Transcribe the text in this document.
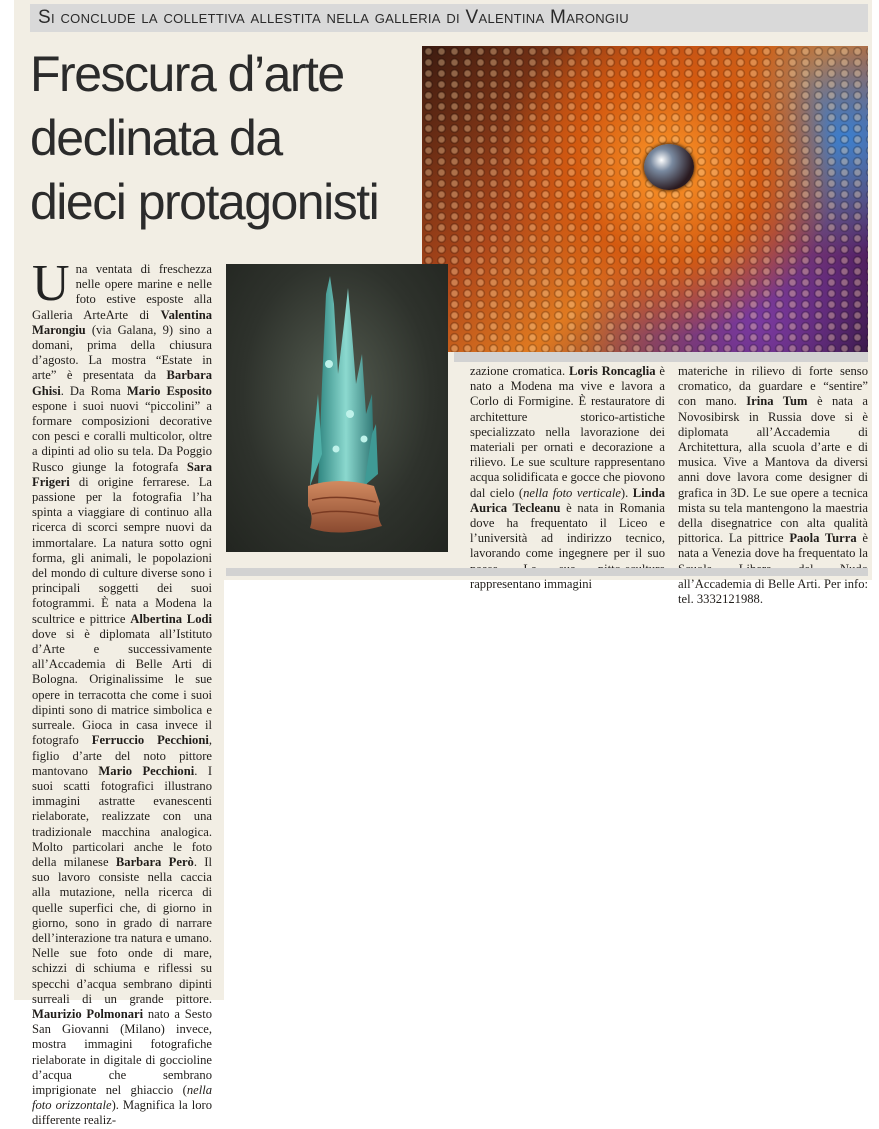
Si conclude la collettiva allestita nella galleria di Valentina Marongiu
Frescura d’arte
declinata da
dieci protagonisti

Una ventata di freschezza nelle opere marine e nelle foto estive esposte alla Galleria ArteArte di Valentina Marongiu (via Galana, 9) sino a domani, prima della chiusura d’agosto. La mostra “Estate in arte” è presentata da Barbara Ghisi. Da Roma Mario Esposito espone i suoi nuovi “piccolini” a formare composizioni decorative con pesci e coralli multicolor, oltre a dipinti ad olio su tela. Da Poggio Rusco giunge la fotografa Sara Frigeri di origine ferrarese. La passione per la fotografia l’ha spinta a viaggiare di continuo alla ricerca di scorci sempre nuovi da immortalare. La natura sotto ogni forma, gli animali, le popolazioni del mondo di culture diverse sono i principali soggetti dei suoi fotogrammi. È nata a Modena la scultrice e pittrice Albertina Lodi dove si è diplomata all’Istituto d’Arte e successivamente all’Accademia di Belle Arti di Bologna. Originalissime le sue opere in terracotta che come i suoi dipinti sono di matrice simbolica e surreale. Gioca in casa invece il fotografo Ferruccio Pecchioni, figlio d’arte del noto pittore mantovano Mario Pecchioni. I suoi scatti fotografici illustrano immagini astratte evanescenti rielaborate, realizzate con una tradizionale macchina analogica. Molto particolari anche le foto della milanese Barbara Però. Il suo lavoro consiste nella caccia alla mutazione, nella ricerca di quelle superfici che, di giorno in giorno, sono in grado di narrare dell’interazione tra natura e umano. Nelle sue foto onde di mare, schizzi di schiuma e riflessi su specchi d’acqua sembrano dipinti surreali di un grande pittore. Maurizio Polmonari nato a Sesto San Giovanni (Milano) invece, mostra immagini fotografiche rielaborate in digitale di goccioline d’acqua che sembrano imprigionate nel ghiaccio (nella foto orizzontale). Magnifica la loro differente realiz-

zazione cromatica. Loris Roncaglia è nato a Modena ma vive e lavora a Corlo di Formigine. È restauratore di architetture storico-artistiche specializzato nella lavorazione dei materiali per ornati e decorazione a rilievo. Le sue sculture rappresentano acqua solidificata e gocce che piovono dal cielo (nella foto verticale). Linda Aurica Tecleanu è nata in Romania dove ha frequentato il Liceo e l’università ad indirizzo tecnico, lavorando come ingegnere per il suo rappresentano immagini

materiche in rilievo di forte senso cromatico, da guardare e “sentire” con mano. Irina Tum è nata a Novosibirsk in Russia dove si è diplomata all’Accademia di Architettura, alla scuola d’arte e di musica. Vive a Mantova da diversi anni dove lavora come designer di grafica in 3D. Le sue opere a tecnica mista su tela mantengono la maestria della disegnatrice con alta qualità pittorica. La pittrice Paola Turra è nata a Venezia dove ha frequentato la all’Accademia di Belle Arti. Per info: tel. 3332121988.
